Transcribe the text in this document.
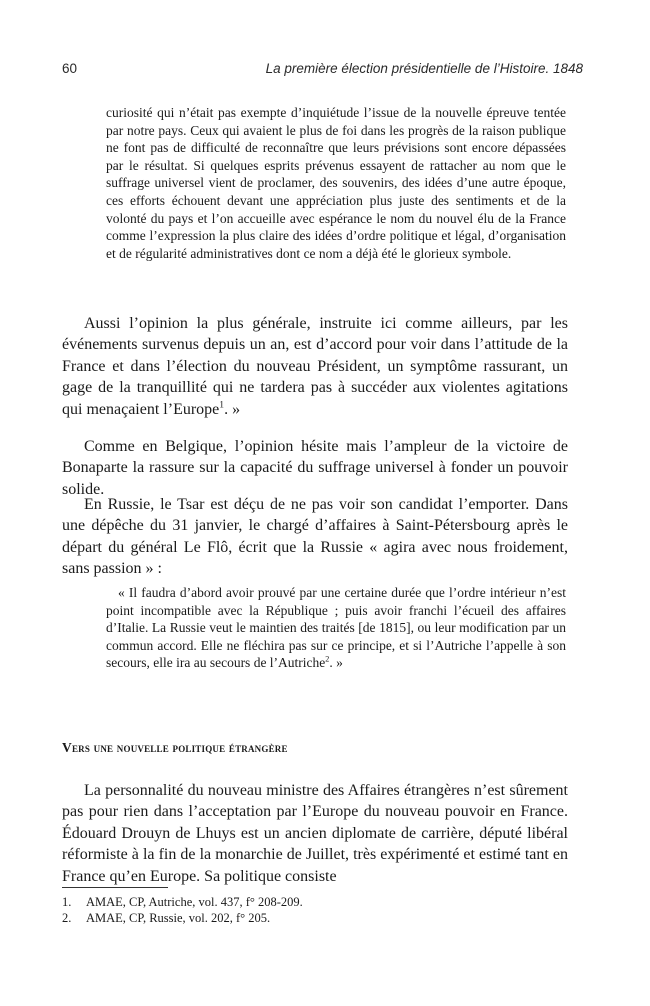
60	La première élection présidentielle de l’Histoire. 1848

curiosité qui n’était pas exempte d’inquiétude l’issue de la nouvelle épreuve tentée par notre pays. Ceux qui avaient le plus de foi dans les progrès de la raison publique ne font pas de difficulté de reconnaître que leurs prévisions sont encore dépassées par le résultat. Si quelques esprits prévenus essayent de rattacher au nom que le suffrage universel vient de proclamer, des souvenirs, des idées d’une autre époque, ces efforts échouent devant une appréciation plus juste des sentiments et de la volonté du pays et l’on accueille avec espérance le nom du nouvel élu de la France comme l’expression la plus claire des idées d’ordre politique et légal, d’organisation et de régularité administratives dont ce nom a déjà été le glorieux symbole.

Aussi l’opinion la plus générale, instruite ici comme ailleurs, par les événements survenus depuis un an, est d’accord pour voir dans l’attitude de la France et dans l’élection du nouveau Président, un symptôme rassurant, un gage de la tranquillité qui ne tardera pas à succéder aux violentes agitations qui menaçaient l’Europe$^1$. »

Comme en Belgique, l’opinion hésite mais l’ampleur de la victoire de Bonaparte la rassure sur la capacité du suffrage universel à fonder un pouvoir solide.

En Russie, le Tsar est déçu de ne pas voir son candidat l’emporter. Dans une dépêche du 31 janvier, le chargé d’affaires à Saint-Pétersbourg après le départ du général Le Flô, écrit que la Russie « agira avec nous froidement, sans passion » :

« Il faudra d’abord avoir prouvé par une certaine durée que l’ordre intérieur n’est point incompatible avec la République ; puis avoir franchi l’écueil des affaires d’Italie. La Russie veut le maintien des traités [de 1815], ou leur modification par un commun accord. Elle ne fléchira pas sur ce principe, et si l’Autriche l’appelle à son secours, elle ira au secours de l’Autriche$^2$. »

Vers une nouvelle politique étrangère

La personnalité du nouveau ministre des Affaires étrangères n’est sûrement pas pour rien dans l’acceptation par l’Europe du nouveau pouvoir en France. Édouard Drouyn de Lhuys est un ancien diplomate de carrière, député libéral réformiste à la fin de la monarchie de Juillet, très expérimenté et estimé tant en France qu’en Europe. Sa politique consiste

1. AMAE, CP, Autriche, vol. 437, f° 208-209.
2. AMAE, CP, Russie, vol. 202, f° 205.
